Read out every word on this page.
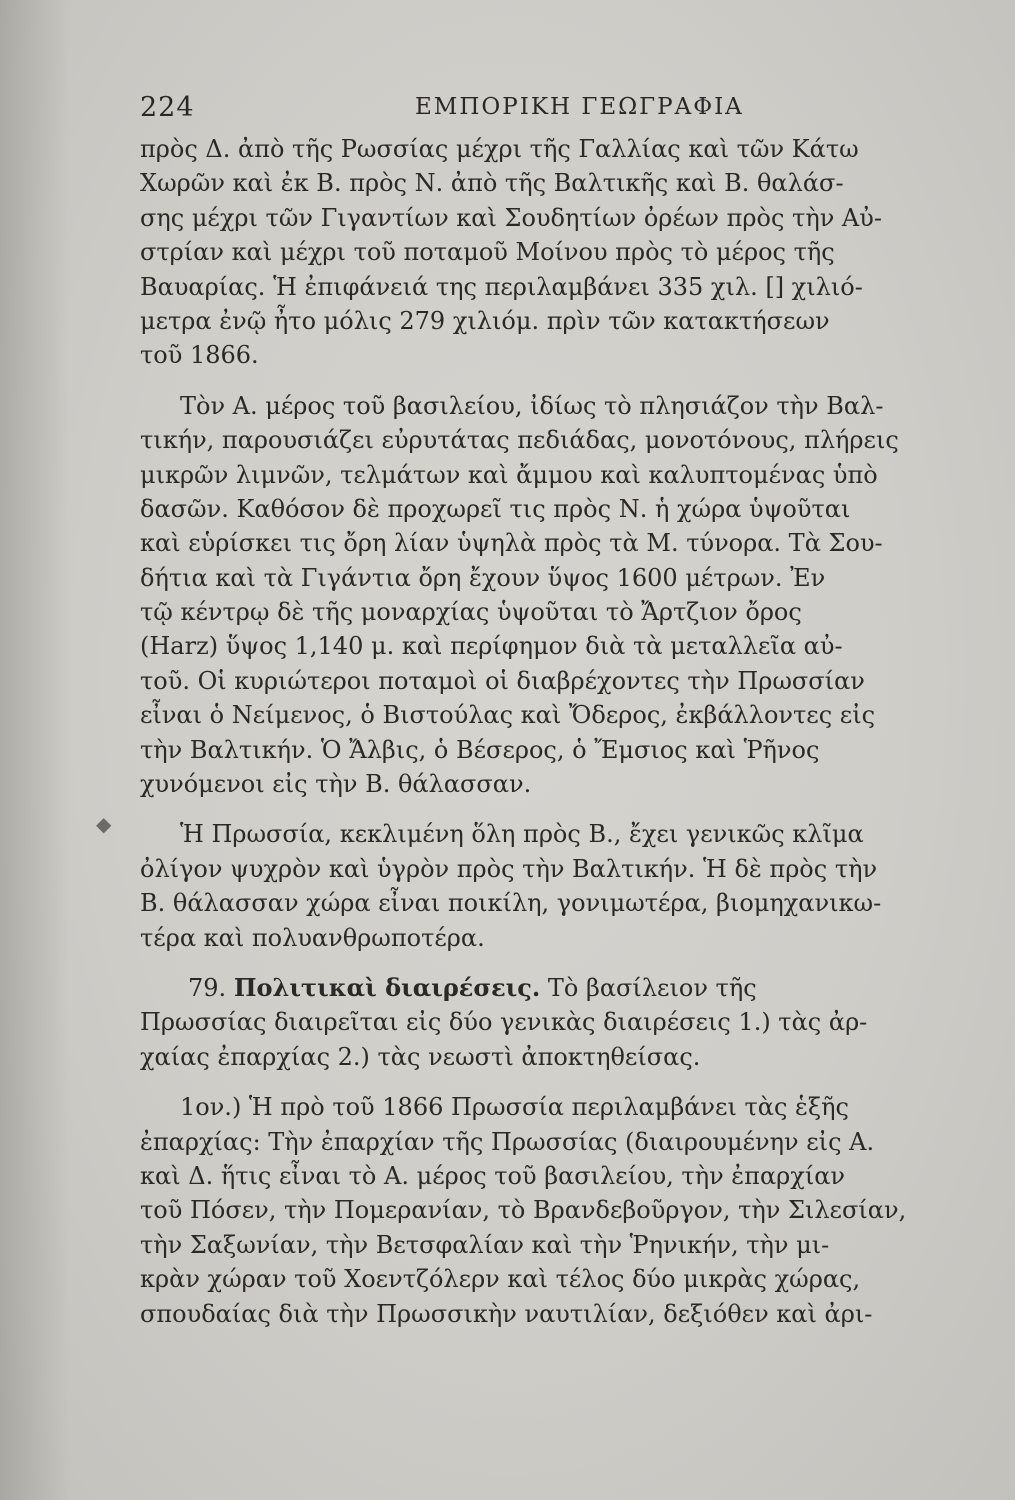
224	ΕΜΠΟΡΙΚΗ ΓΕΩΓΡΑΦΙΑ
◆
πρὸς Δ. ἀπὸ τῆς Ρωσσίας μέχρι τῆς Γαλλίας καὶ τῶν Κάτω
Χωρῶν καὶ ἐκ Β. πρὸς Ν. ἀπὸ τῆς Βαλτικῆς καὶ Β. θαλάσ-
σης μέχρι τῶν Γιγαντίων καὶ Σουδητίων ὀρέων πρὸς τὴν Αὐ-
στρίαν καὶ μέχρι τοῦ ποταμοῦ Μοίνου πρὸς τὸ μέρος τῆς
Βαυαρίας. Ἡ ἐπιφάνειά της περιλαμβάνει 335 χιλ. [] χιλιό-
μετρα ἐνῷ ἦτο μόλις 279 χιλιόμ. πρὶν τῶν κατακτήσεων
τοῦ 1866.
Τὸν Α. μέρος τοῦ βασιλείου, ἰδίως τὸ πλησιάζον τὴν Βαλ-
τικήν, παρουσιάζει εὐρυτάτας πεδιάδας, μονοτόνους, πλήρεις
μικρῶν λιμνῶν, τελμάτων καὶ ἄμμου καὶ καλυπτομένας ὑπὸ
δασῶν. Καθόσον δὲ προχωρεῖ τις πρὸς Ν. ἡ χώρα ὑψοῦται
καὶ εὑρίσκει τις ὄρη λίαν ὑψηλὰ πρὸς τὰ Μ. τύνορα. Τὰ Σου-
δήτια καὶ τὰ Γιγάντια ὄρη ἔχουν ὕψος 1600 μέτρων. Ἐν
τῷ κέντρῳ δὲ τῆς μοναρχίας ὑψοῦται τὸ Ἄρτζιον ὄρος
(Harz) ὕψος 1,140 μ. καὶ περίφημον διὰ τὰ μεταλλεῖα αὐ-
τοῦ. Οἱ κυριώτεροι ποταμοὶ οἱ διαβρέχοντες τὴν Πρωσσίαν
εἶναι ὁ Νείμενος, ὁ Βιστούλας καὶ Ὄδερος, ἐκβάλλοντες εἰς
τὴν Βαλτικήν. Ὁ Ἄλβις, ὁ Βέσερος, ὁ Ἔμσιος καὶ Ῥῆνος
χυνόμενοι εἰς τὴν Β. θάλασσαν.
Ἡ Πρωσσία, κεκλιμένη ὅλη πρὸς Β., ἔχει γενικῶς κλῖμα
ὀλίγον ψυχρὸν καὶ ὑγρὸν πρὸς τὴν Βαλτικήν. Ἡ δὲ πρὸς τὴν
Β. θάλασσαν χώρα εἶναι ποικίλη, γονιμωτέρα, βιομηχανικω-
τέρα καὶ πολυανθρωποτέρα.
79. Πολιτικαὶ διαιρέσεις. Τὸ βασίλειον τῆς
Πρωσσίας διαιρεῖται εἰς δύο γενικὰς διαιρέσεις 1.) τὰς ἀρ-
χαίας ἐπαρχίας 2.) τὰς νεωστὶ ἀποκτηθείσας.
1ον.) Ἡ πρὸ τοῦ 1866 Πρωσσία περιλαμβάνει τὰς ἑξῆς
ἐπαρχίας: Τὴν ἐπαρχίαν τῆς Πρωσσίας (διαιρουμένην εἰς Α.
καὶ Δ. ἥτις εἶναι τὸ Α. μέρος τοῦ βασιλείου, τὴν ἐπαρχίαν
τοῦ Πόσεν, τὴν Πομερανίαν, τὸ Βρανδεβοῦργον, τὴν Σιλεσίαν,
τὴν Σαξωνίαν, τὴν Βετσφαλίαν καὶ τὴν Ῥηνικήν, τὴν μι-
κρὰν χώραν τοῦ Χοεντζόλερν καὶ τέλος δύο μικρὰς χώρας,
σπουδαίας διὰ τὴν Πρωσσικὴν ναυτιλίαν, δεξιόθεν καὶ ἀρι-
